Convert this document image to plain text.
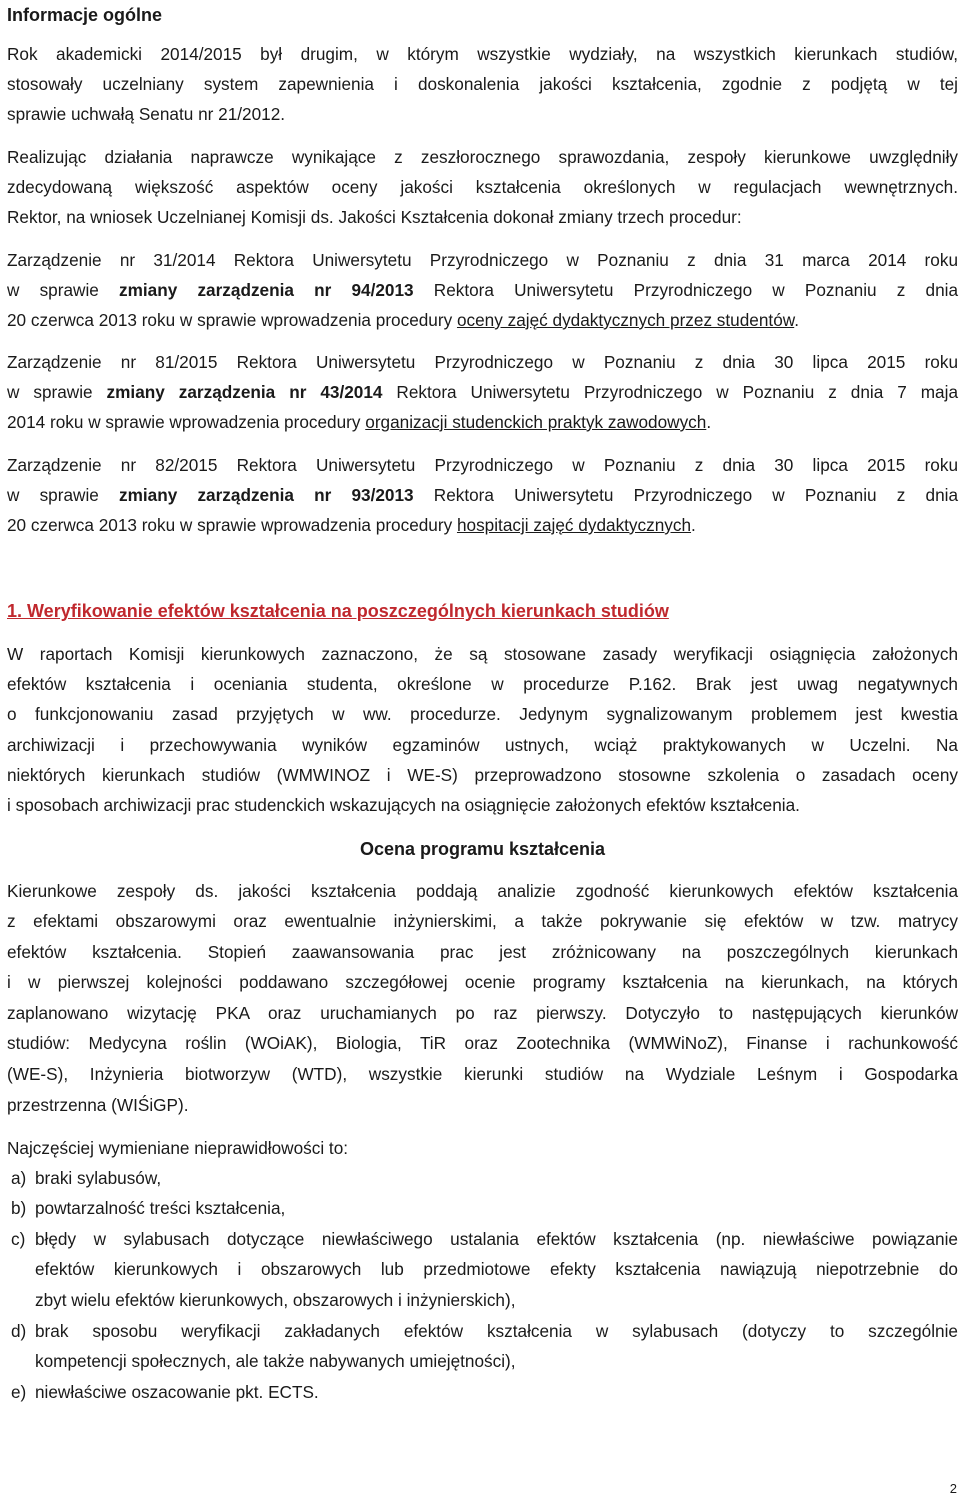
Informacje ogólne
Rok akademicki 2014/2015 był drugim, w którym wszystkie wydziały, na wszystkich kierunkach studiów,
stosowały uczelniany system zapewnienia i doskonalenia jakości kształcenia, zgodnie z podjętą w tej
sprawie uchwałą Senatu nr 21/2012.
Realizując działania naprawcze wynikające z zeszłorocznego sprawozdania, zespoły kierunkowe uwzględniły
zdecydowaną większość aspektów oceny jakości kształcenia określonych w regulacjach wewnętrznych.
Rektor, na wniosek Uczelnianej Komisji ds. Jakości Kształcenia dokonał zmiany trzech procedur:
Zarządzenie nr 31/2014 Rektora Uniwersytetu Przyrodniczego w Poznaniu z dnia 31 marca 2014 roku
w sprawie zmiany zarządzenia nr 94/2013 Rektora Uniwersytetu Przyrodniczego w Poznaniu z dnia
20 czerwca 2013 roku w sprawie wprowadzenia procedury oceny zajęć dydaktycznych przez studentów.
Zarządzenie nr 81/2015 Rektora Uniwersytetu Przyrodniczego w Poznaniu z dnia 30 lipca 2015 roku
w sprawie zmiany zarządzenia nr 43/2014 Rektora Uniwersytetu Przyrodniczego w Poznaniu z dnia 7 maja
2014 roku w sprawie wprowadzenia procedury organizacji studenckich praktyk zawodowych.
Zarządzenie nr 82/2015 Rektora Uniwersytetu Przyrodniczego w Poznaniu z dnia 30 lipca 2015 roku
w sprawie zmiany zarządzenia nr 93/2013 Rektora Uniwersytetu Przyrodniczego w Poznaniu z dnia
20 czerwca 2013 roku w sprawie wprowadzenia procedury hospitacji zajęć dydaktycznych.
1. Weryfikowanie efektów kształcenia na poszczególnych kierunkach studiów
W raportach Komisji kierunkowych zaznaczono, że są stosowane zasady weryfikacji osiągnięcia założonych
efektów kształcenia i oceniania studenta, określone w procedurze P.162. Brak jest uwag negatywnych
o funkcjonowaniu zasad przyjętych w ww. procedurze. Jedynym sygnalizowanym problemem jest kwestia
archiwizacji i przechowywania wyników egzaminów ustnych, wciąż praktykowanych w Uczelni. Na
niektórych kierunkach studiów (WMWINOZ i WE-S) przeprowadzono stosowne szkolenia o zasadach oceny
i sposobach archiwizacji prac studenckich wskazujących na osiągnięcie założonych efektów kształcenia.
Ocena programu kształcenia
Kierunkowe zespoły ds. jakości kształcenia poddają analizie zgodność kierunkowych efektów kształcenia
z efektami obszarowymi oraz ewentualnie inżynierskimi, a także pokrywanie się efektów w tzw. matrycy
efektów kształcenia. Stopień zaawansowania prac jest zróżnicowany na poszczególnych kierunkach
i w pierwszej kolejności poddawano szczegółowej ocenie programy kształcenia na kierunkach, na których
zaplanowano wizytację PKA oraz uruchamianych po raz pierwszy. Dotyczyło to następujących kierunków
studiów: Medycyna roślin (WOiAK), Biologia, TiR oraz Zootechnika (WMWiNoZ), Finanse i rachunkowość
(WE-S), Inżynieria biotworzyw (WTD), wszystkie kierunki studiów na Wydziale Leśnym i Gospodarka
przestrzenna (WIŚiGP).
Najczęściej wymieniane nieprawidłowości to:
a) braki sylabusów,
b) powtarzalność treści kształcenia,
c) błędy w sylabusach dotyczące niewłaściwego ustalania efektów kształcenia (np. niewłaściwe powiązanie
efektów kierunkowych i obszarowych lub przedmiotowe efekty kształcenia nawiązują niepotrzebnie do
zbyt wielu efektów kierunkowych, obszarowych i inżynierskich),
d) brak sposobu weryfikacji zakładanych efektów kształcenia w sylabusach (dotyczy to szczególnie
kompetencji społecznych, ale także nabywanych umiejętności),
e) niewłaściwe oszacowanie pkt. ECTS.
2
